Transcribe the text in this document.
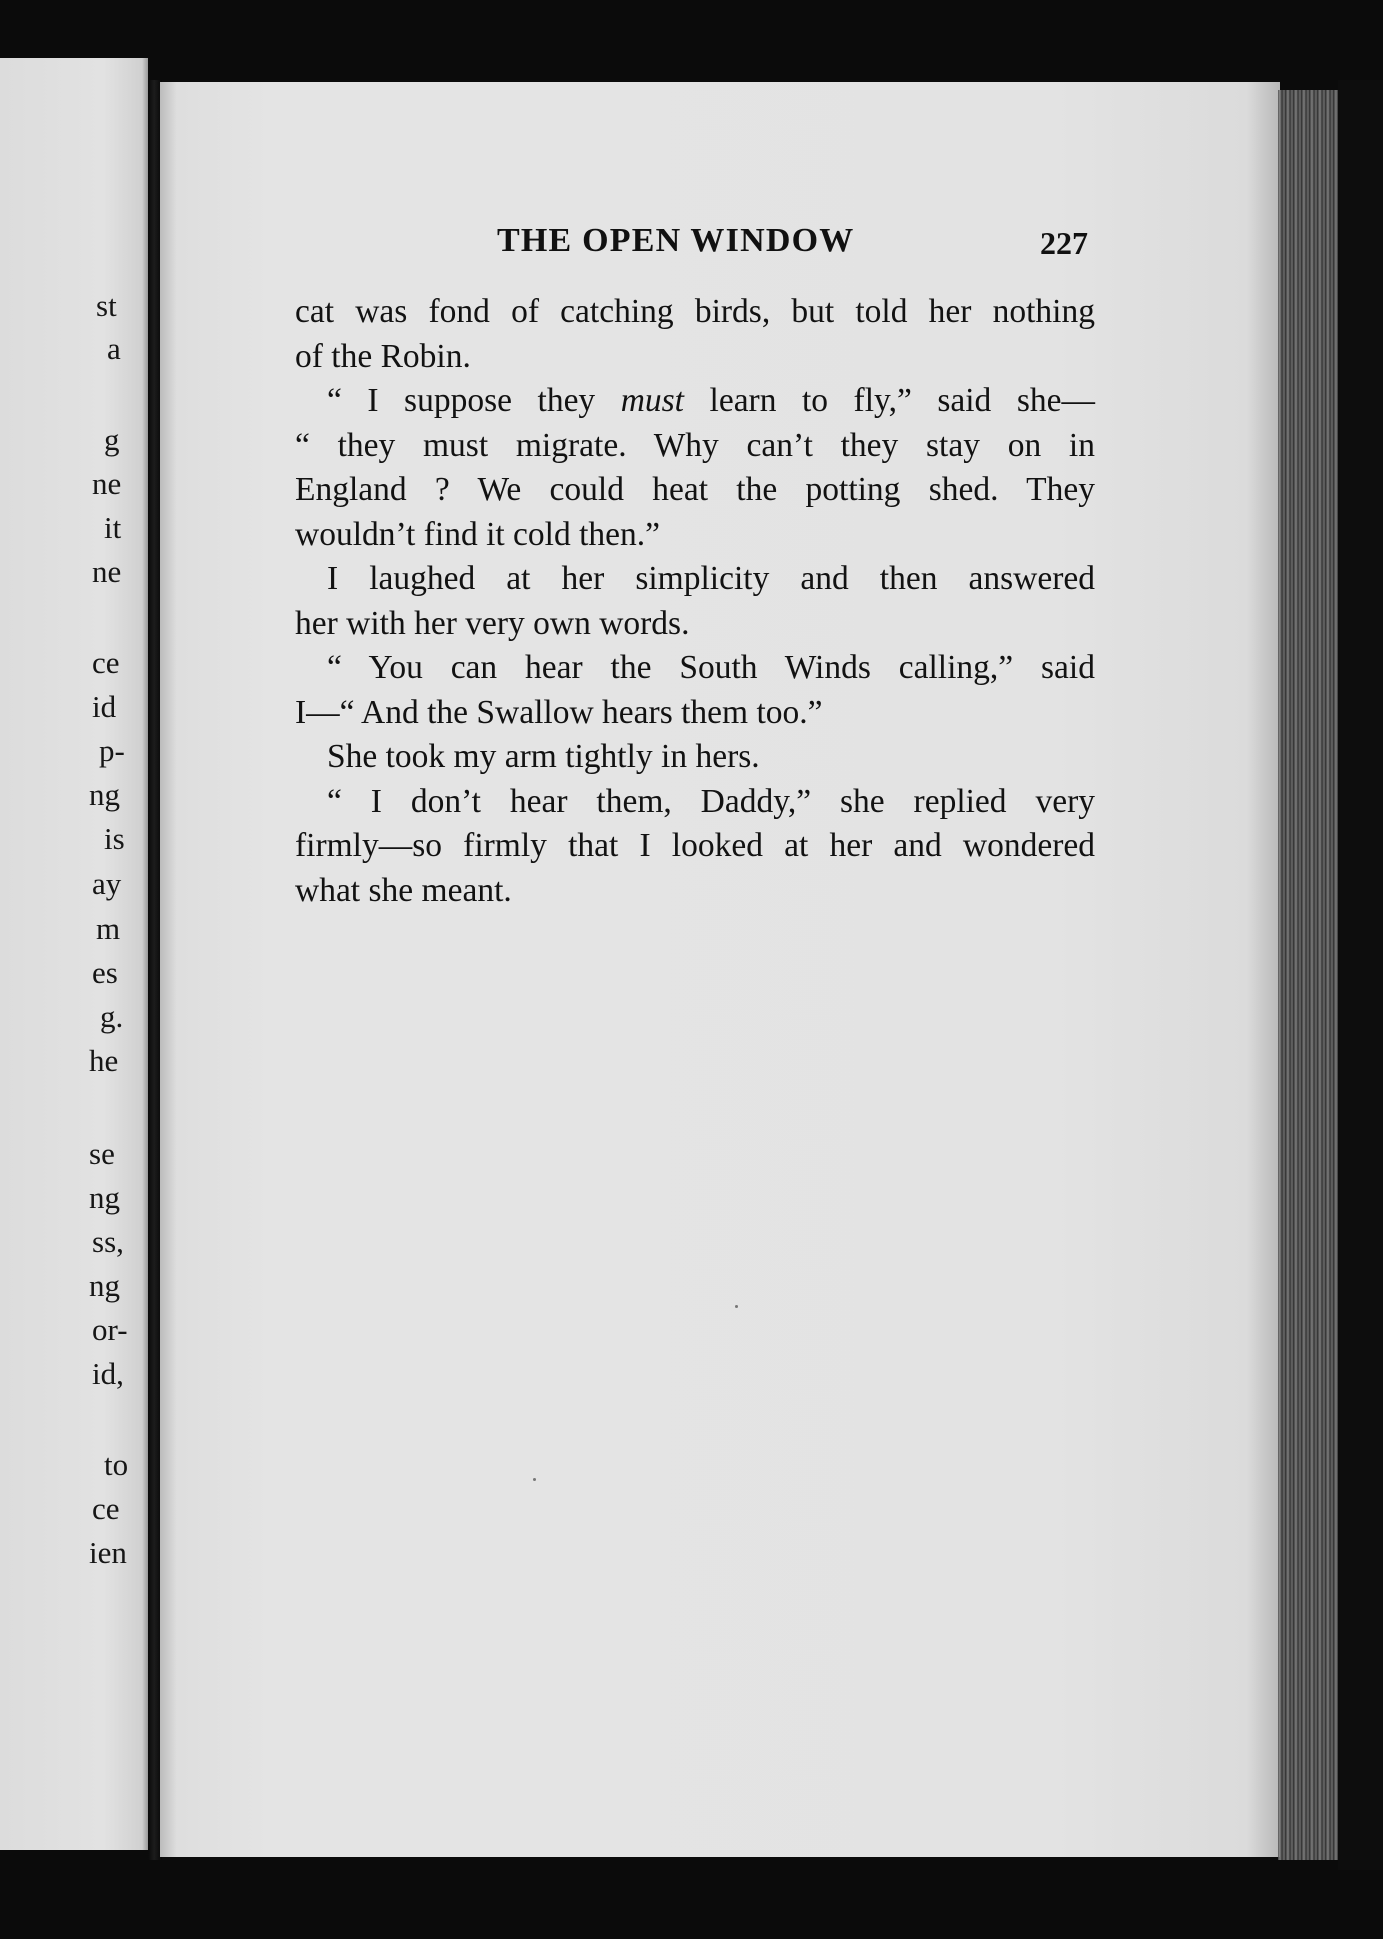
st
a
g
ne
it
ne
ce
id
p-
ng
is
ay
m
es
g.
he
se
ng
ss,
ng
or-
id,
to
ce
ien
THE OPEN WINDOW	227
cat was fond of catching birds, but told her nothing
of the Robin.
“ I suppose they must learn to fly,” said she—
“ they must migrate. Why can’t they stay on in
England ? We could heat the potting shed. They
wouldn’t find it cold then.”
I laughed at her simplicity and then answered
her with her very own words.
“ You can hear the South Winds calling,” said
I—“ And the Swallow hears them too.”
She took my arm tightly in hers.
“ I don’t hear them, Daddy,” she replied very
firmly—so firmly that I looked at her and wondered
what she meant.
